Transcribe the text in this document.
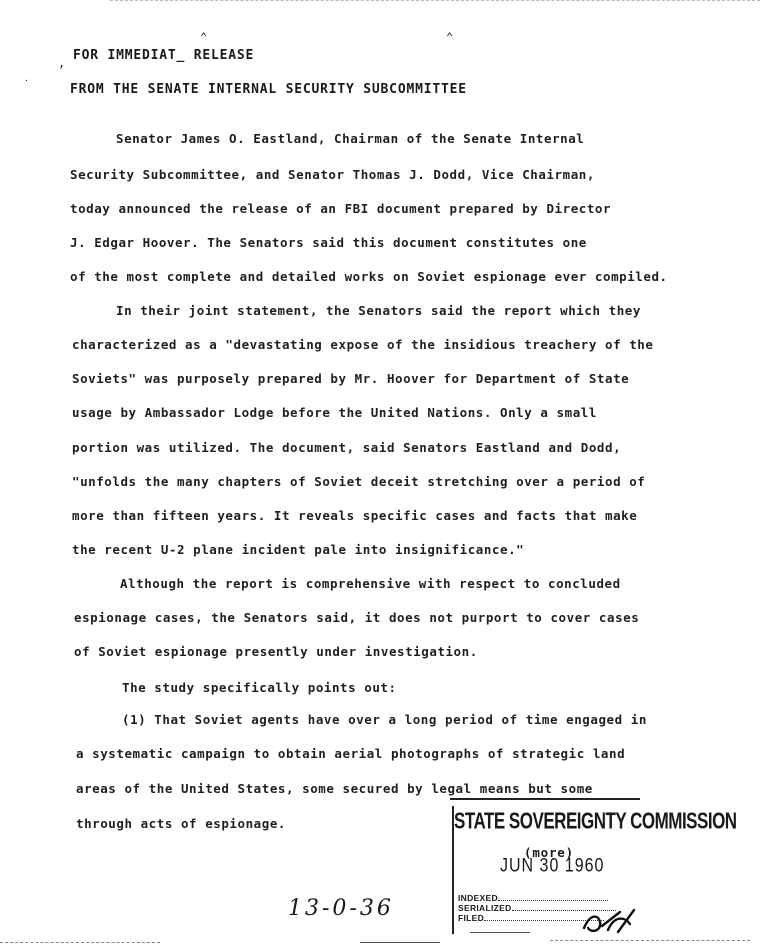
⌃	⌃
,
·
FOR IMMEDIAT_ RELEASE
FROM THE SENATE INTERNAL SECURITY SUBCOMMITTEE
Senator James O. Eastland, Chairman of the Senate Internal
Security Subcommittee, and Senator Thomas J. Dodd, Vice Chairman,
today announced the release of an FBI document prepared by Director
J. Edgar Hoover. The Senators said this document constitutes one
of the most complete and detailed works on Soviet espionage ever compiled.
In their joint statement, the Senators said the report which they
characterized as a "devastating expose of the insidious treachery of the
Soviets" was purposely prepared by Mr. Hoover for Department of State
usage by Ambassador Lodge before the United Nations. Only a small
portion was utilized. The document, said Senators Eastland and Dodd,
"unfolds the many chapters of Soviet deceit stretching over a period of
more than fifteen years. It reveals specific cases and facts that make
the recent U-2 plane incident pale into insignificance."
Although the report is comprehensive with respect to concluded
espionage cases, the Senators said, it does not purport to cover cases
of Soviet espionage presently under investigation.
The study specifically points out:
(1) That Soviet agents have over a long period of time engaged in
a systematic campaign to obtain aerial photographs of strategic land
areas of the United States, some secured by legal means but some
through acts of espionage.	STATE SOVEREIGNTY COMMISSION
(more)
JUN 30 1960
INDEXED
SERIALIZED
FILED
13-0-36
